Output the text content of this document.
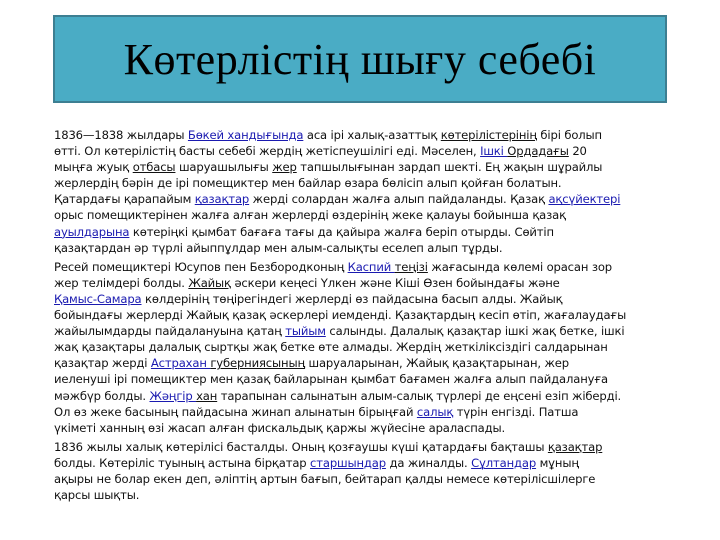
Көтерлістің шығу себебі

1836—1838 жылдары Бөкей хандығында аса ірі халық-азаттық көтерілістерінің бірі болып
өтті. Ол көтерілістің басты себебі жердің жетіспеушілігі еді. Мәселен, Ішкі Ордадағы 20
мыңға жуық отбасы шаруашылығы жер тапшылығынан зардап шекті. Ең жақын шұрайлы
жерлердің бәрін де ірі помещиктер мен байлар өзара бөлісіп алып қойған болатын.
Қатардағы қарапайым қазақтар жерді солардан жалға алып пайдаланды. Қазақ ақсүйектері
орыс помещиктерінен жалға алған жерлерді өздерінің жеке қалауы бойынша қазақ
ауылдарына көтеріңкі қымбат бағаға тағы да қайыра жалға беріп отырды. Сөйтіп
қазақтардан әр түрлі айыппұлдар мен алым-салықты еселеп алып тұрды.

Ресей помещиктері Юсупов пен Безбородконың Каспий теңізі жағасында көлемі орасан зор
жер телімдері болды. Жайық әскери кеңесі Үлкен және Кіші Өзен бойындағы және
Қамыс-Самара көлдерінің төңірегіндегі жерлерді өз пайдасына басып алды. Жайық
бойындағы жерлерді Жайық қазақ әскерлері иемденді. Қазақтардың кесіп өтіп, жағалаудағы
жайылымдарды пайдалануына қатаң тыйым салынды. Далалық қазақтар ішкі жақ бетке, ішкі
жақ қазақтары далалық сыртқы жақ бетке өте алмады. Жердің жеткіліксіздігі салдарынан
қазақтар жерді Астрахан губерниясының шаруаларынан, Жайық қазақтарынан, жер
иеленуші ірі помещиктер мен қазақ байларынан қымбат бағамен жалға алып пайдалануға
мәжбүр болды. Жәңгір хан тарапынан салынатын алым-салық түрлері де еңсені езіп жіберді.
Ол өз жеке басының пайдасына жинап алынатын бірыңғай салық түрін енгізді. Патша
үкіметі ханның өзі жасап алған фискальдық қаржы жүйесіне араласпады.

1836 жылы халық көтерілісі басталды. Оның қозғаушы күші қатардағы бақташы қазақтар
болды. Көтеріліс туының астына бірқатар старшындар да жиналды. Сұлтандар мұның
ақыры не болар екен деп, әліптің артын бағып, бейтарап қалды немесе көтерілісшілерге
қарсы шықты.
